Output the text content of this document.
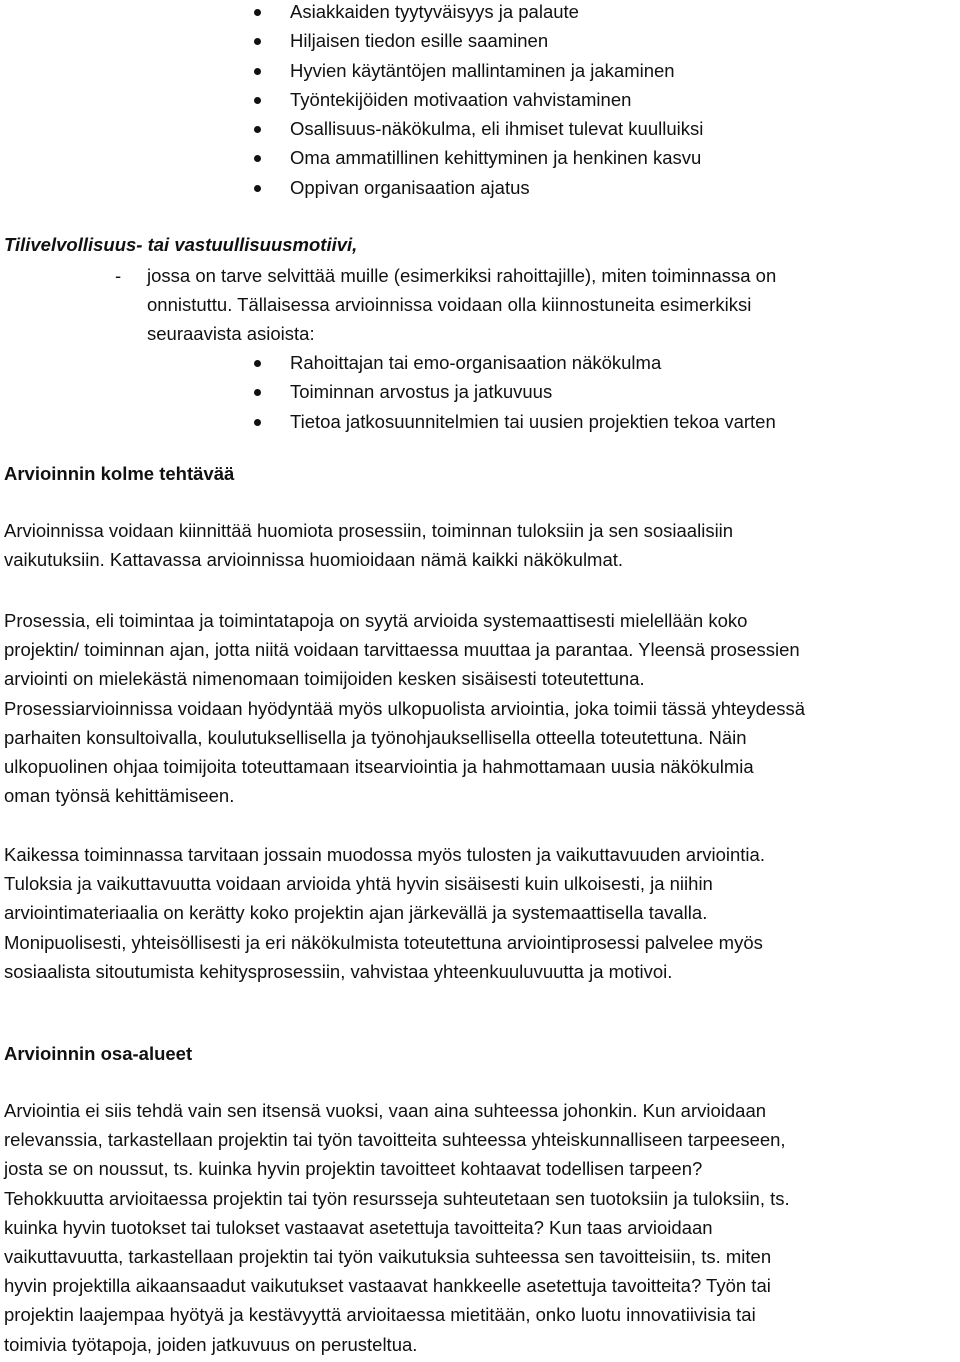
Asiakkaiden tyytyväisyys ja palaute
Hiljaisen tiedon esille saaminen
Hyvien käytäntöjen mallintaminen ja jakaminen
Työntekijöiden motivaation vahvistaminen
Osallisuus-näkökulma, eli ihmiset tulevat kuulluiksi
Oma ammatillinen kehittyminen ja henkinen kasvu
Oppivan organisaation ajatus
Tilivelvollisuus- tai vastuullisuusmotiivi,
- jossa on tarve selvittää muille (esimerkiksi rahoittajille), miten toiminnassa on
onnistuttu. Tällaisessa arvioinnissa voidaan olla kiinnostuneita esimerkiksi
seuraavista asioista:
Rahoittajan tai emo-organisaation näkökulma
Toiminnan arvostus ja jatkuvuus
Tietoa jatkosuunnitelmien tai uusien projektien tekoa varten
Arvioinnin kolme tehtävää
Arvioinnissa voidaan kiinnittää huomiota prosessiin, toiminnan tuloksiin ja sen sosiaalisiin
vaikutuksiin. Kattavassa arvioinnissa huomioidaan nämä kaikki näkökulmat.
Prosessia, eli toimintaa ja toimintatapoja on syytä arvioida systemaattisesti mielellään koko
projektin/ toiminnan ajan, jotta niitä voidaan tarvittaessa muuttaa ja parantaa. Yleensä prosessien
arviointi on mielekästä nimenomaan toimijoiden kesken sisäisesti toteutettuna.
Prosessiarvioinnissa voidaan hyödyntää myös ulkopuolista arviointia, joka toimii tässä yhteydessä
parhaiten konsultoivalla, koulutuksellisella ja työnohjauksellisella otteella toteutettuna. Näin
ulkopuolinen ohjaa toimijoita toteuttamaan itsearviointia ja hahmottamaan uusia näkökulmia
oman työnsä kehittämiseen.
Kaikessa toiminnassa tarvitaan jossain muodossa myös tulosten ja vaikuttavuuden arviointia.
Tuloksia ja vaikuttavuutta voidaan arvioida yhtä hyvin sisäisesti kuin ulkoisesti, ja niihin
arviointimateriaalia on kerätty koko projektin ajan järkevällä ja systemaattisella tavalla.
Monipuolisesti, yhteisöllisesti ja eri näkökulmista toteutettuna arviointiprosessi palvelee myös
sosiaalista sitoutumista kehitysprosessiin, vahvistaa yhteenkuuluvuutta ja motivoi.
Arvioinnin osa-alueet
Arviointia ei siis tehdä vain sen itsensä vuoksi, vaan aina suhteessa johonkin. Kun arvioidaan
relevanssia, tarkastellaan projektin tai työn tavoitteita suhteessa yhteiskunnalliseen tarpeeseen,
josta se on noussut, ts. kuinka hyvin projektin tavoitteet kohtaavat todellisen tarpeen?
Tehokkuutta arvioitaessa projektin tai työn resursseja suhteutetaan sen tuotoksiin ja tuloksiin, ts.
kuinka hyvin tuotokset tai tulokset vastaavat asetettuja tavoitteita? Kun taas arvioidaan
vaikuttavuutta, tarkastellaan projektin tai työn vaikutuksia suhteessa sen tavoitteisiin, ts. miten
hyvin projektilla aikaansaadut vaikutukset vastaavat hankkeelle asetettuja tavoitteita? Työn tai
projektin laajempaa hyötyä ja kestävyyttä arvioitaessa mietitään, onko luotu innovatiivisia tai
toimivia työtapoja, joiden jatkuvuus on perusteltua.
